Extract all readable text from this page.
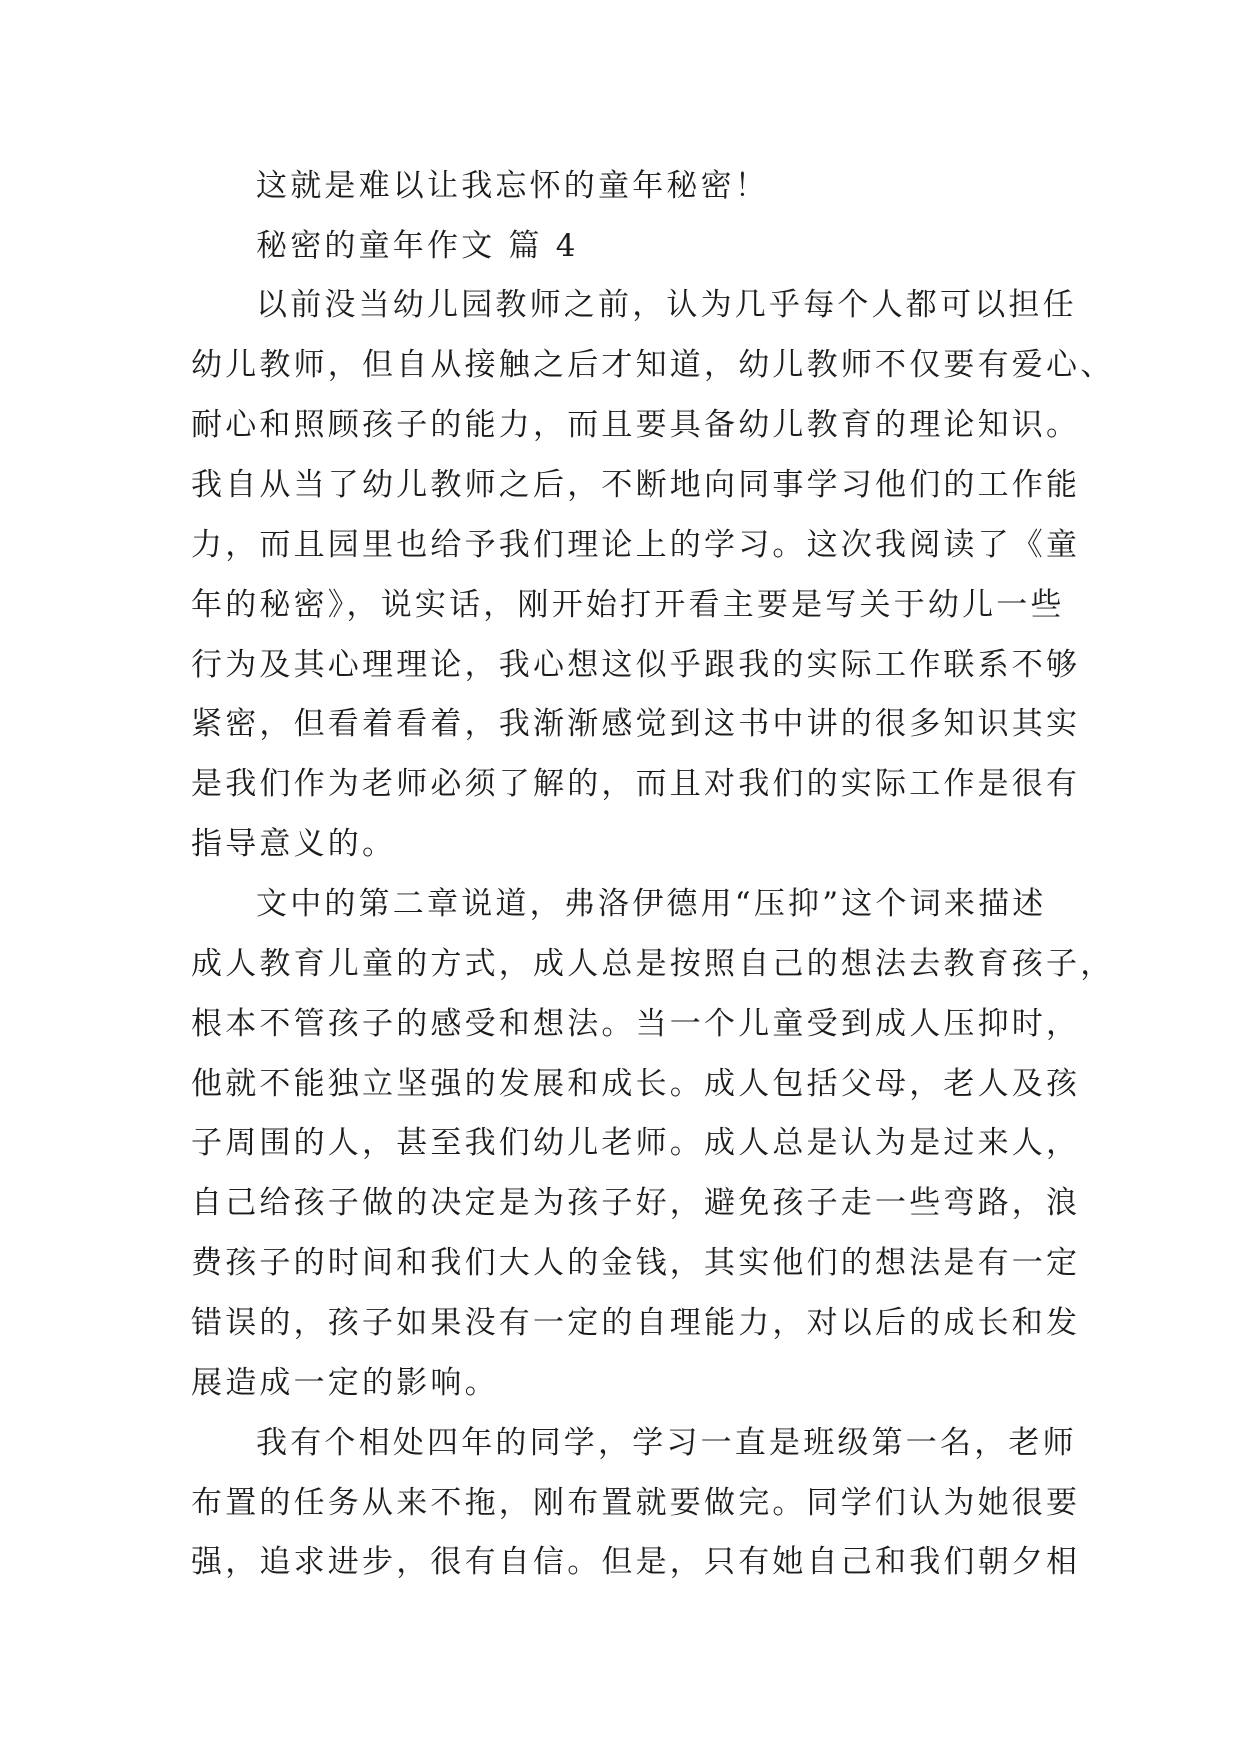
这就是难以让我忘怀的童年秘密！
秘密的童年作文 篇 4
以前没当幼儿园教师之前，认为几乎每个人都可以担任
幼儿教师，但自从接触之后才知道，幼儿教师不仅要有爱心、
耐心和照顾孩子的能力，而且要具备幼儿教育的理论知识。
我自从当了幼儿教师之后，不断地向同事学习他们的工作能
力，而且园里也给予我们理论上的学习。这次我阅读了《童
年的秘密》，说实话，刚开始打开看主要是写关于幼儿一些
行为及其心理理论，我心想这似乎跟我的实际工作联系不够
紧密，但看着看着，我渐渐感觉到这书中讲的很多知识其实
是我们作为老师必须了解的，而且对我们的实际工作是很有
指导意义的。
文中的第二章说道，弗洛伊德用“压抑”这个词来描述
成人教育儿童的方式，成人总是按照自己的想法去教育孩子，
根本不管孩子的感受和想法。当一个儿童受到成人压抑时，
他就不能独立坚强的发展和成长。成人包括父母，老人及孩
子周围的人，甚至我们幼儿老师。成人总是认为是过来人，
自己给孩子做的决定是为孩子好，避免孩子走一些弯路，浪
费孩子的时间和我们大人的金钱，其实他们的想法是有一定
错误的，孩子如果没有一定的自理能力，对以后的成长和发
展造成一定的影响。
我有个相处四年的同学，学习一直是班级第一名，老师
布置的任务从来不拖，刚布置就要做完。同学们认为她很要
强，追求进步，很有自信。但是，只有她自己和我们朝夕相
